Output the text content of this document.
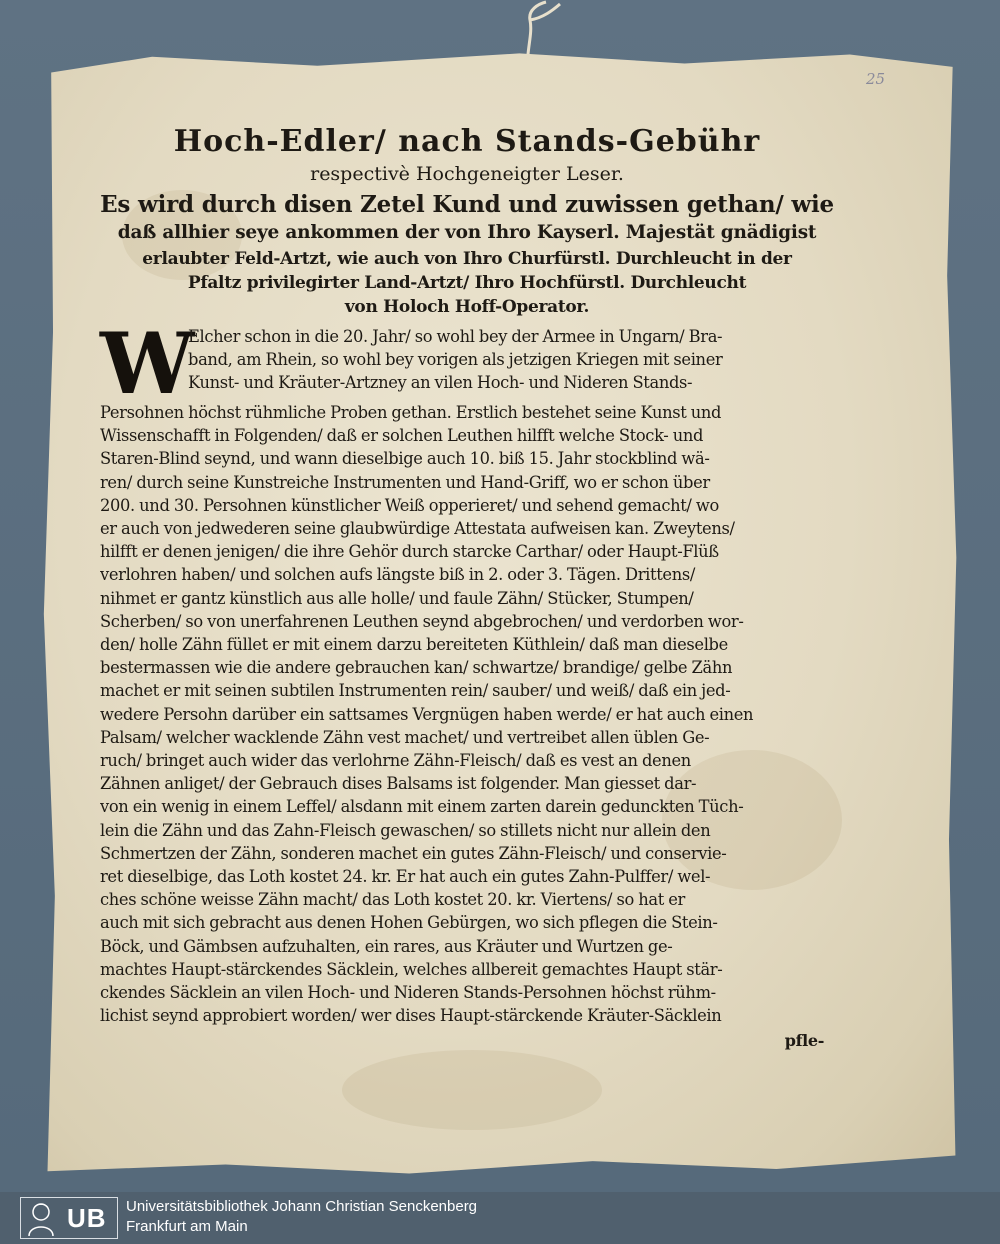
25
Hoch-Edler/ nach Stands-Gebühr
respectivè Hochgeneigter Leser.
Es wird durch disen Zetel Kund und zuwissen gethan/ wie
daß allhier seye ankommen der von Ihro Kayserl. Majestät gnädigist
erlaubter Feld-Artzt, wie auch von Ihro Churfürstl. Durchleucht in der
Pfaltz privilegirter Land-Artzt/ Ihro Hochfürstl. Durchleucht
von Holoch Hoff-Operator.
W
Elcher schon in die 20. Jahr/ so wohl bey der Armee in Ungarn/ Bra-
band, am Rhein, so wohl bey vorigen als jetzigen Kriegen mit seiner
Kunst- und Kräuter-Artzney an vilen Hoch- und Nideren Stands-
Persohnen höchst rühmliche Proben gethan. Erstlich bestehet seine Kunst und
Wissenschafft in Folgenden/ daß er solchen Leuthen hilfft welche Stock- und
Staren-Blind seynd, und wann dieselbige auch 10. biß 15. Jahr stockblind wä-
ren/ durch seine Kunstreiche Instrumenten und Hand-Griff, wo er schon über
200. und 30. Persohnen künstlicher Weiß opperieret/ und sehend gemacht/ wo
er auch von jedwederen seine glaubwürdige Attestata aufweisen kan. Zweytens/
hilfft er denen jenigen/ die ihre Gehör durch starcke Carthar/ oder Haupt-Flüß
verlohren haben/ und solchen aufs längste biß in 2. oder 3. Tägen. Drittens/
nihmet er gantz künstlich aus alle holle/ und faule Zähn/ Stücker, Stumpen/
Scherben/ so von unerfahrenen Leuthen seynd abgebrochen/ und verdorben wor-
den/ holle Zähn füllet er mit einem darzu bereiteten Küthlein/ daß man dieselbe
bestermassen wie die andere gebrauchen kan/ schwartze/ brandige/ gelbe Zähn
machet er mit seinen subtilen Instrumenten rein/ sauber/ und weiß/ daß ein jed-
wedere Persohn darüber ein sattsames Vergnügen haben werde/ er hat auch einen
Palsam/ welcher wacklende Zähn vest machet/ und vertreibet allen üblen Ge-
ruch/ bringet auch wider das verlohrne Zähn-Fleisch/ daß es vest an denen
Zähnen anliget/ der Gebrauch dises Balsams ist folgender. Man giesset dar-
von ein wenig in einem Leffel/ alsdann mit einem zarten darein gedunckten Tüch-
lein die Zähn und das Zahn-Fleisch gewaschen/ so stillets nicht nur allein den
Schmertzen der Zähn, sonderen machet ein gutes Zähn-Fleisch/ und conservie-
ret dieselbige, das Loth kostet 24. kr. Er hat auch ein gutes Zahn-Pulffer/ wel-
ches schöne weisse Zähn macht/ das Loth kostet 20. kr. Viertens/ so hat er
auch mit sich gebracht aus denen Hohen Gebürgen, wo sich pflegen die Stein-
Böck, und Gämbsen aufzuhalten, ein rares, aus Kräuter und Wurtzen ge-
machtes Haupt-stärckendes Säcklein, welches allbereit gemachtes Haupt stär-
ckendes Säcklein an vilen Hoch- und Nideren Stands-Persohnen höchst rühm-
lichist seynd approbiert worden/ wer dises Haupt-stärckende Kräuter-Säcklein
pfle-
UB Universitätsbibliothek Johann Christian Senckenberg
Frankfurt am Main
